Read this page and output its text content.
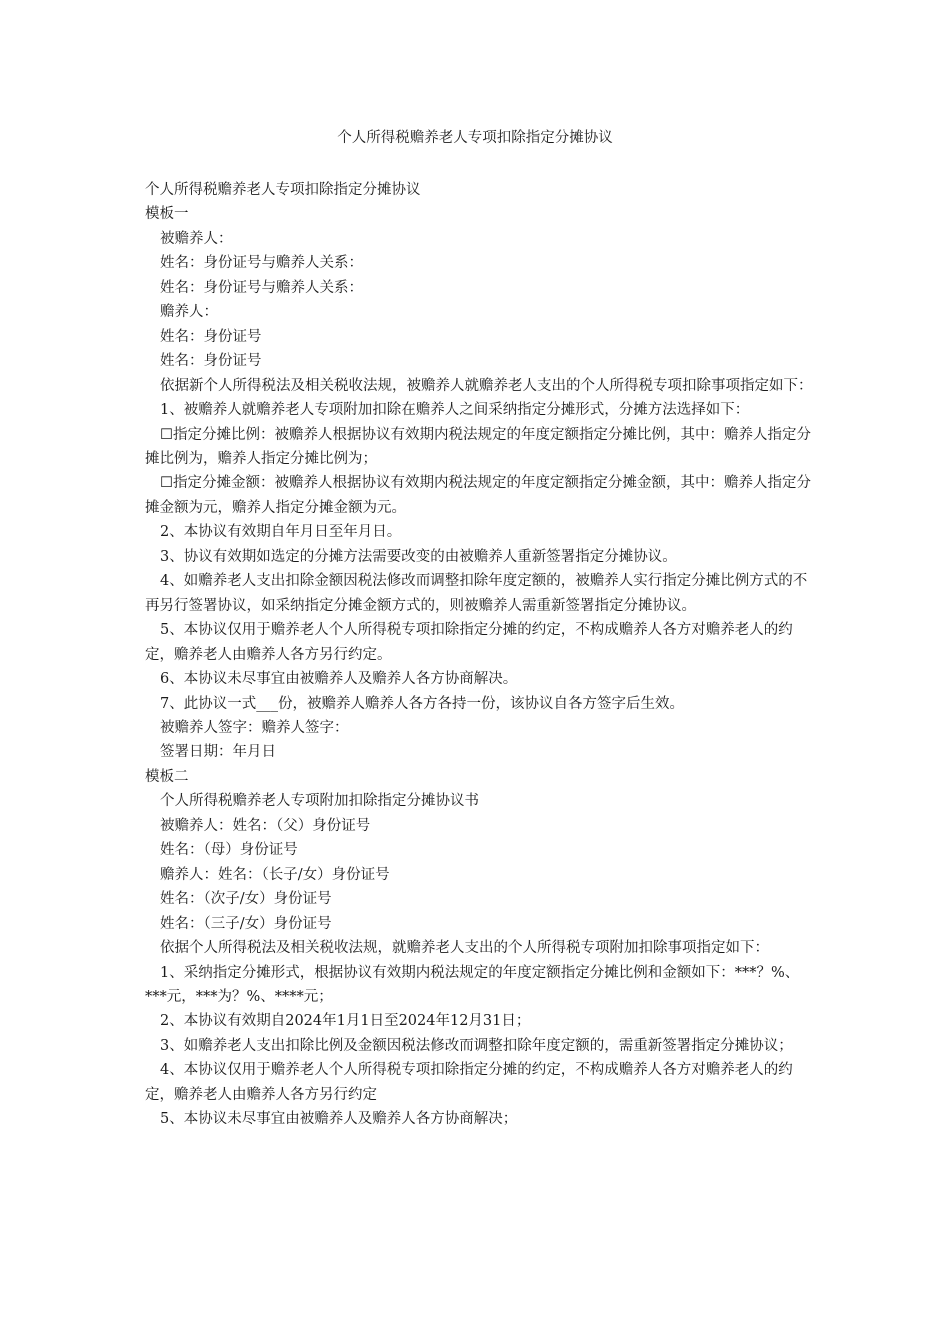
个人所得税赡养老人专项扣除指定分摊协议

个人所得税赡养老人专项扣除指定分摊协议

模板一

被赡养人：

姓名：身份证号与赡养人关系：

姓名：身份证号与赡养人关系：

赡养人：

姓名：身份证号

姓名：身份证号

依据新个人所得税法及相关税收法规，被赡养人就赡养老人支出的个人所得税专项扣除事项指定如下：

1、被赡养人就赡养老人专项附加扣除在赡养人之间采纳指定分摊形式，分摊方法选择如下：

☐指定分摊比例：被赡养人根据协议有效期内税法规定的年度定额指定分摊比例，其中：赡养人指定分摊比例为，赡养人指定分摊比例为；

☐指定分摊金额：被赡养人根据协议有效期内税法规定的年度定额指定分摊金额，其中：赡养人指定分摊金额为元，赡养人指定分摊金额为元。

2、本协议有效期自年月日至年月日。

3、协议有效期如选定的分摊方法需要改变的由被赡养人重新签署指定分摊协议。

4、如赡养老人支出扣除金额因税法修改而调整扣除年度定额的，被赡养人实行指定分摊比例方式的不再另行签署协议，如采纳指定分摊金额方式的，则被赡养人需重新签署指定分摊协议。

5、本协议仅用于赡养老人个人所得税专项扣除指定分摊的约定，不构成赡养人各方对赡养老人的约定，赡养老人由赡养人各方另行约定。

6、本协议未尽事宜由被赡养人及赡养人各方协商解决。

7、此协议一式___份，被赡养人赡养人各方各持一份，该协议自各方签字后生效。

被赡养人签字：赡养人签字：

签署日期：年月日

模板二

个人所得税赡养老人专项附加扣除指定分摊协议书

被赡养人：姓名：（父）身份证号

姓名：（母）身份证号

赡养人：姓名：（长子/女）身份证号

姓名：（次子/女）身份证号

姓名：（三子/女）身份证号

依据个人所得税法及相关税收法规，就赡养老人支出的个人所得税专项附加扣除事项指定如下：

1、采纳指定分摊形式，根据协议有效期内税法规定的年度定额指定分摊比例和金额如下：***？%、***元，***为？%、****元；

2、本协议有效期自2024年1月1日至2024年12月31日；

3、如赡养老人支出扣除比例及金额因税法修改而调整扣除年度定额的，需重新签署指定分摊协议；

4、本协议仅用于赡养老人个人所得税专项扣除指定分摊的约定，不构成赡养人各方对赡养老人的约定，赡养老人由赡养人各方另行约定

5、本协议未尽事宜由被赡养人及赡养人各方协商解决；
